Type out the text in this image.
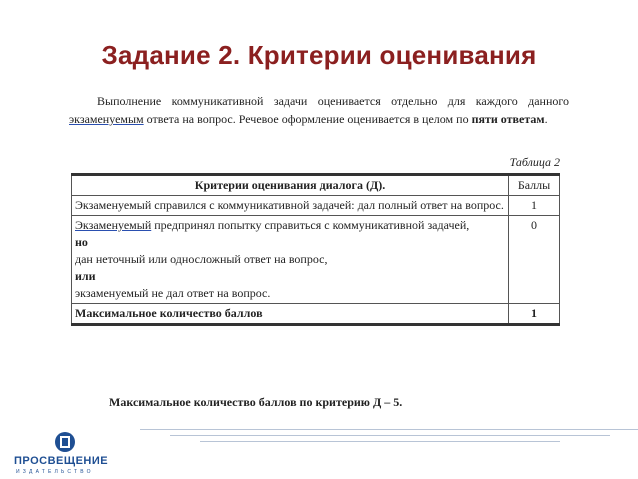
Задание 2. Критерии оценивания
Выполнение коммуникативной задачи оценивается отдельно для каждого данного экзаменуемым ответа на вопрос. Речевое оформление оценивается в целом по пяти ответам.
Таблица 2
Критерии оценивания диалога (Д).	Баллы
Экзаменуемый справился с коммуникативной задачей: дал полный ответ на вопрос.	1
Экзаменуемый предпринял попытку справиться с коммуникативной задачей,
но
дан неточный или односложный ответ на вопрос,
или
экзаменуемый не дал ответ на вопрос.	0
Максимальное количество баллов	1
Максимальное количество баллов по критерию Д – 5.
ПРОСВЕЩЕНИЕ
ИЗДАТЕЛЬСТВО
